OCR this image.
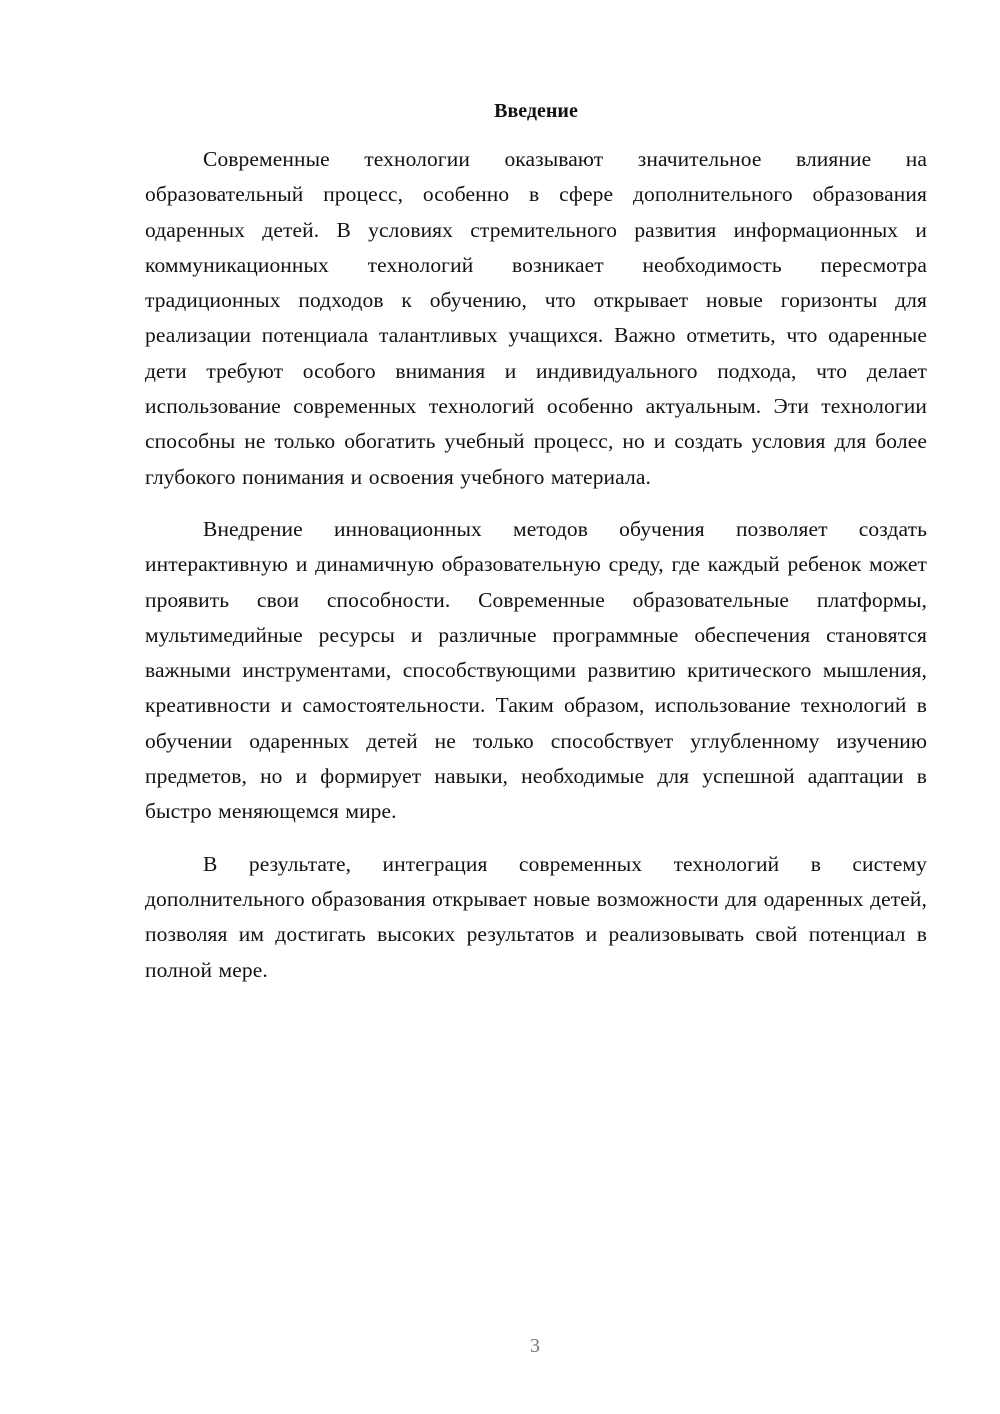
Введение

Современные технологии оказывают значительное влияние на образовательный процесс, особенно в сфере дополнительного образования одаренных детей. В условиях стремительного развития информационных и коммуникационных технологий возникает необходимость пересмотра традиционных подходов к обучению, что открывает новые горизонты для реализации потенциала талантливых учащихся. Важно отметить, что одаренные дети требуют особого внимания и индивидуального подхода, что делает использование современных технологий особенно актуальным. Эти технологии способны не только обогатить учебный процесс, но и создать условия для более глубокого понимания и освоения учебного материала.

Внедрение инновационных методов обучения позволяет создать интерактивную и динамичную образовательную среду, где каждый ребенок может проявить свои способности. Современные образовательные платформы, мультимедийные ресурсы и различные программные обеспечения становятся важными инструментами, способствующими развитию критического мышления, креативности и самостоятельности. Таким образом, использование технологий в обучении одаренных детей не только способствует углубленному изучению предметов, но и формирует навыки, необходимые для успешной адаптации в быстро меняющемся мире.

В результате, интеграция современных технологий в систему дополнительного образования открывает новые возможности для одаренных детей, позволяя им достигать высоких результатов и реализовывать свой потенциал в полной мере.

3
